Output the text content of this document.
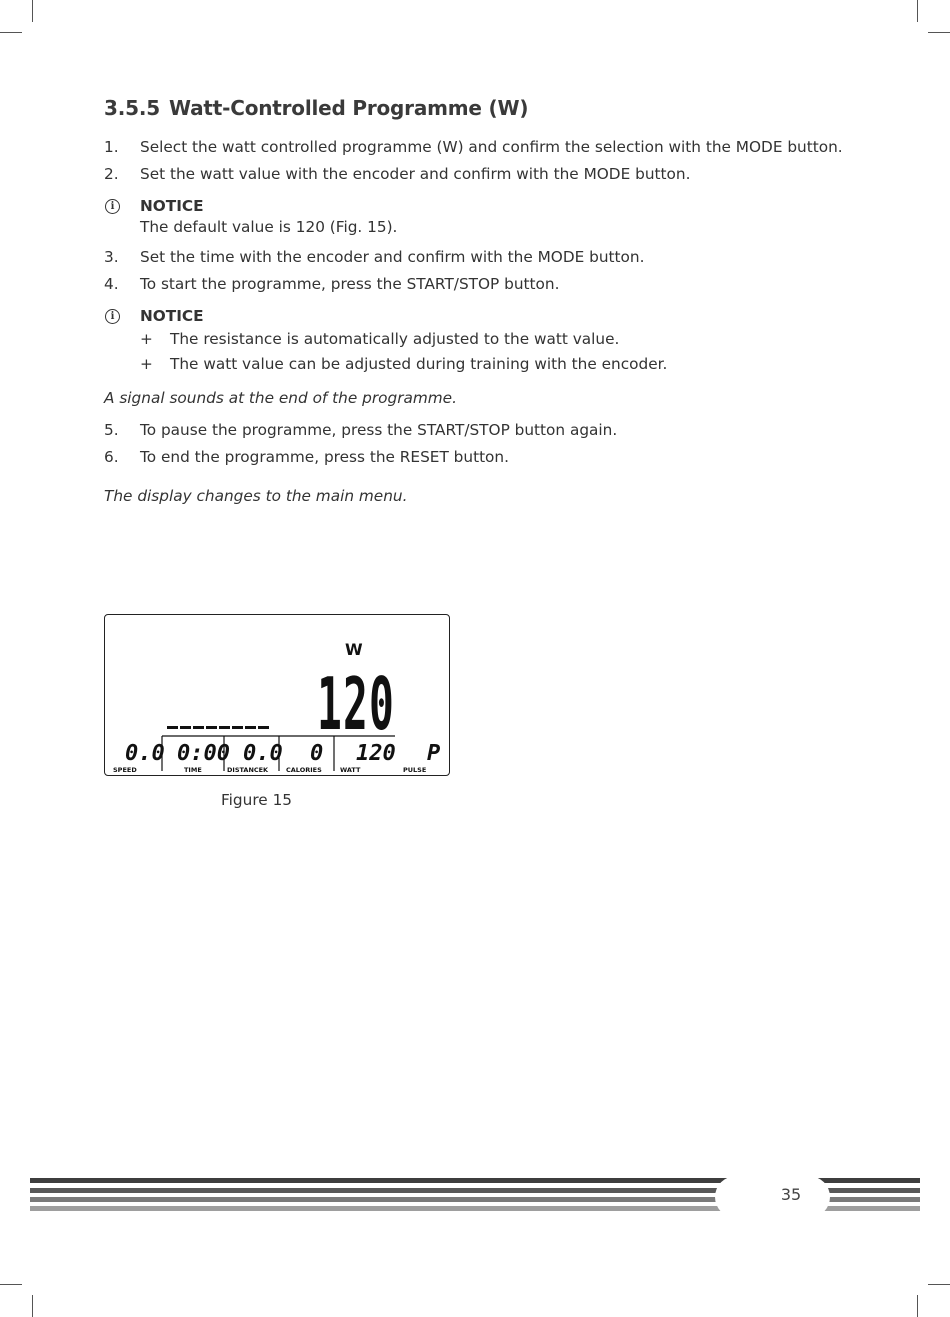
3.5.5 Watt-Controlled Programme (W)
1. Select the watt controlled programme (W) and confirm the selection with the MODE button.
2. Set the watt value with the encoder and confirm with the MODE button.
i	NOTICE
The default value is 120 (Fig. 15).
3. Set the time with the encoder and confirm with the MODE button.
4. To start the programme, press the START/STOP button.
i	NOTICE
+ The resistance is automatically adjusted to the watt value.
+ The watt value can be adjusted during training with the encoder.
A signal sounds at the end of the programme.
5. To pause the programme, press the START/STOP button again.
6. To end the programme, press the RESET button.
The display changes to the main menu.
W
120
0.0 0:00 0.0 0 120 P
SPEED	TIME	DISTANCE K	CALORIES	WATT	PULSE
Figure 15
35
